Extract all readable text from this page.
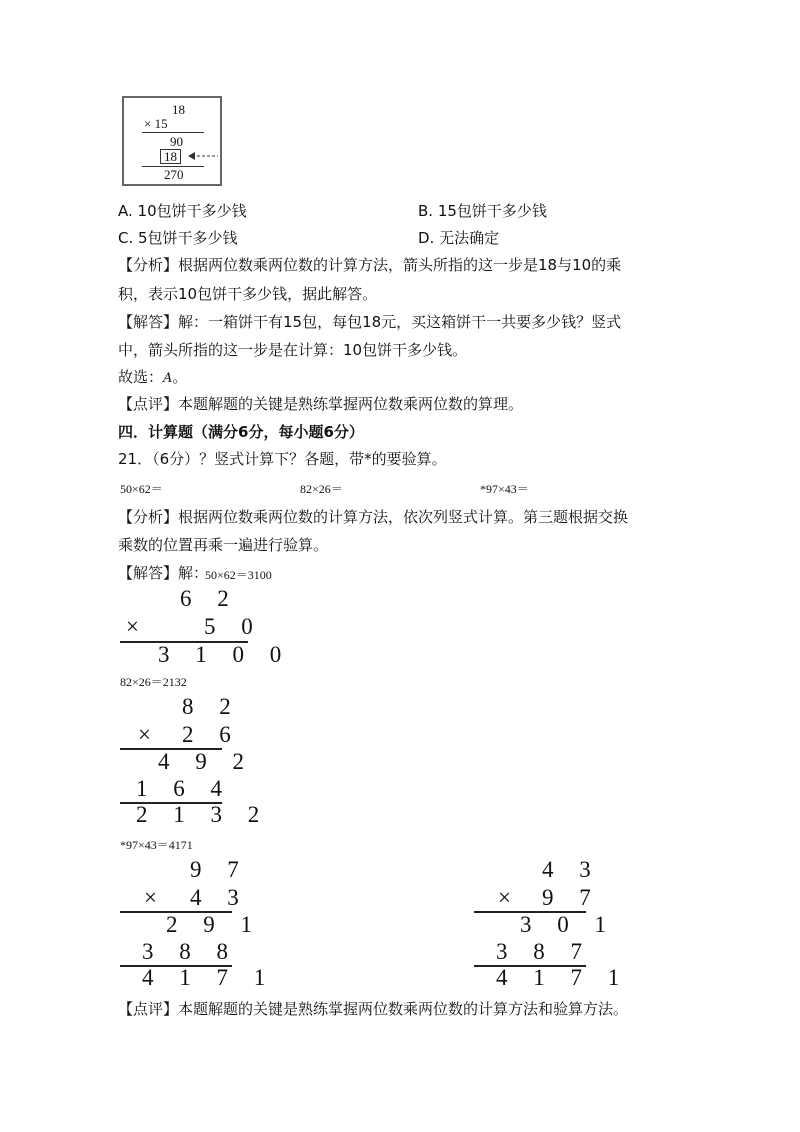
18
× 15
90
18
270
A. 10包饼干多少钱	B. 15包饼干多少钱
C. 5包饼干多少钱	D. 无法确定
【分析】根据两位数乘两位数的计算方法，箭头所指的这一步是18与10的乘
积，表示10包饼干多少钱，据此解答。
【解答】解：一箱饼干有15包，每包18元，买这箱饼干一共要多少钱？竖式
中，箭头所指的这一步是在计算：10包饼干多少钱。
故选：A。
【点评】本题解题的关键是熟练掌握两位数乘两位数的算理。
四．计算题（满分6分，每小题6分）
21．（6分）？竖式计算下？各题，带*的要验算。
50×62＝	82×26＝	*97×43＝
【分析】根据两位数乘两位数的计算方法，依次列竖式计算。第三题根据交换
乘数的位置再乘一遍进行验算。
【解答】解：
50×62＝3100
6 2
× 5 0
3 1 0 0
82×26＝2132
8 2
× 2 6
4 9 2
1 6 4
2 1 3 2
*97×43＝4171
9 7
× 4 3
2 9 1
3 8 8
4 1 7 1
4 3
× 9 7
3 0 1
3 8 7
4 1 7 1
【点评】本题解题的关键是熟练掌握两位数乘两位数的计算方法和验算方法。
